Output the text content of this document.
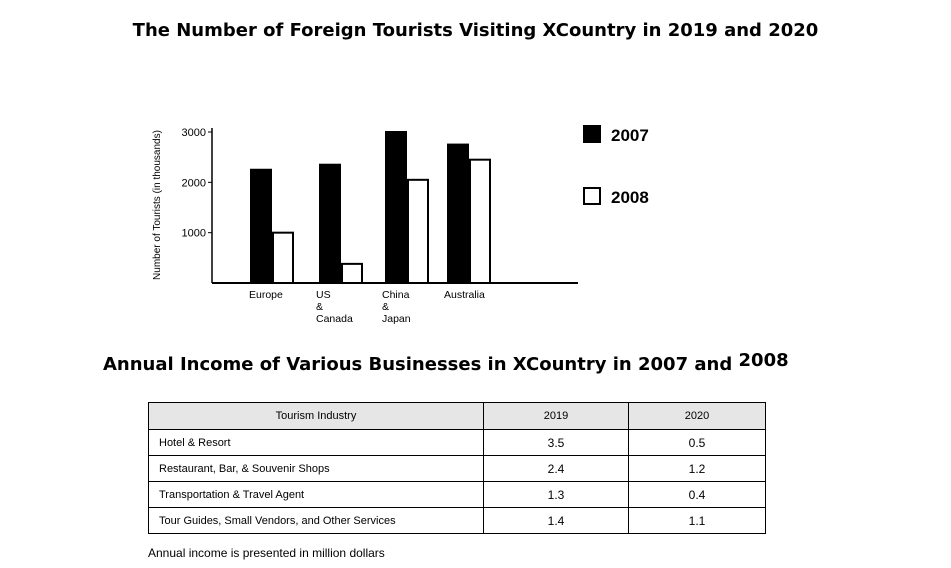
The Number of Foreign Tourists Visiting XCountry in 2019 and 2020
1000
2000
3000
Number of Tourists (in thousands)
Europe	US
&
Canada
China
&
Japan
Australia
2007
2008
Annual Income of Various Businesses in XCountry in 2007 and 2008
Tourism Industry	2019	2020
Hotel & Resort	3.5	0.5
Restaurant, Bar, & Souvenir Shops	2.4	1.2
Transportation & Travel Agent	1.3	0.4
Tour Guides, Small Vendors, and Other Services	1.4	1.1
Annual income is presented in million dollars
